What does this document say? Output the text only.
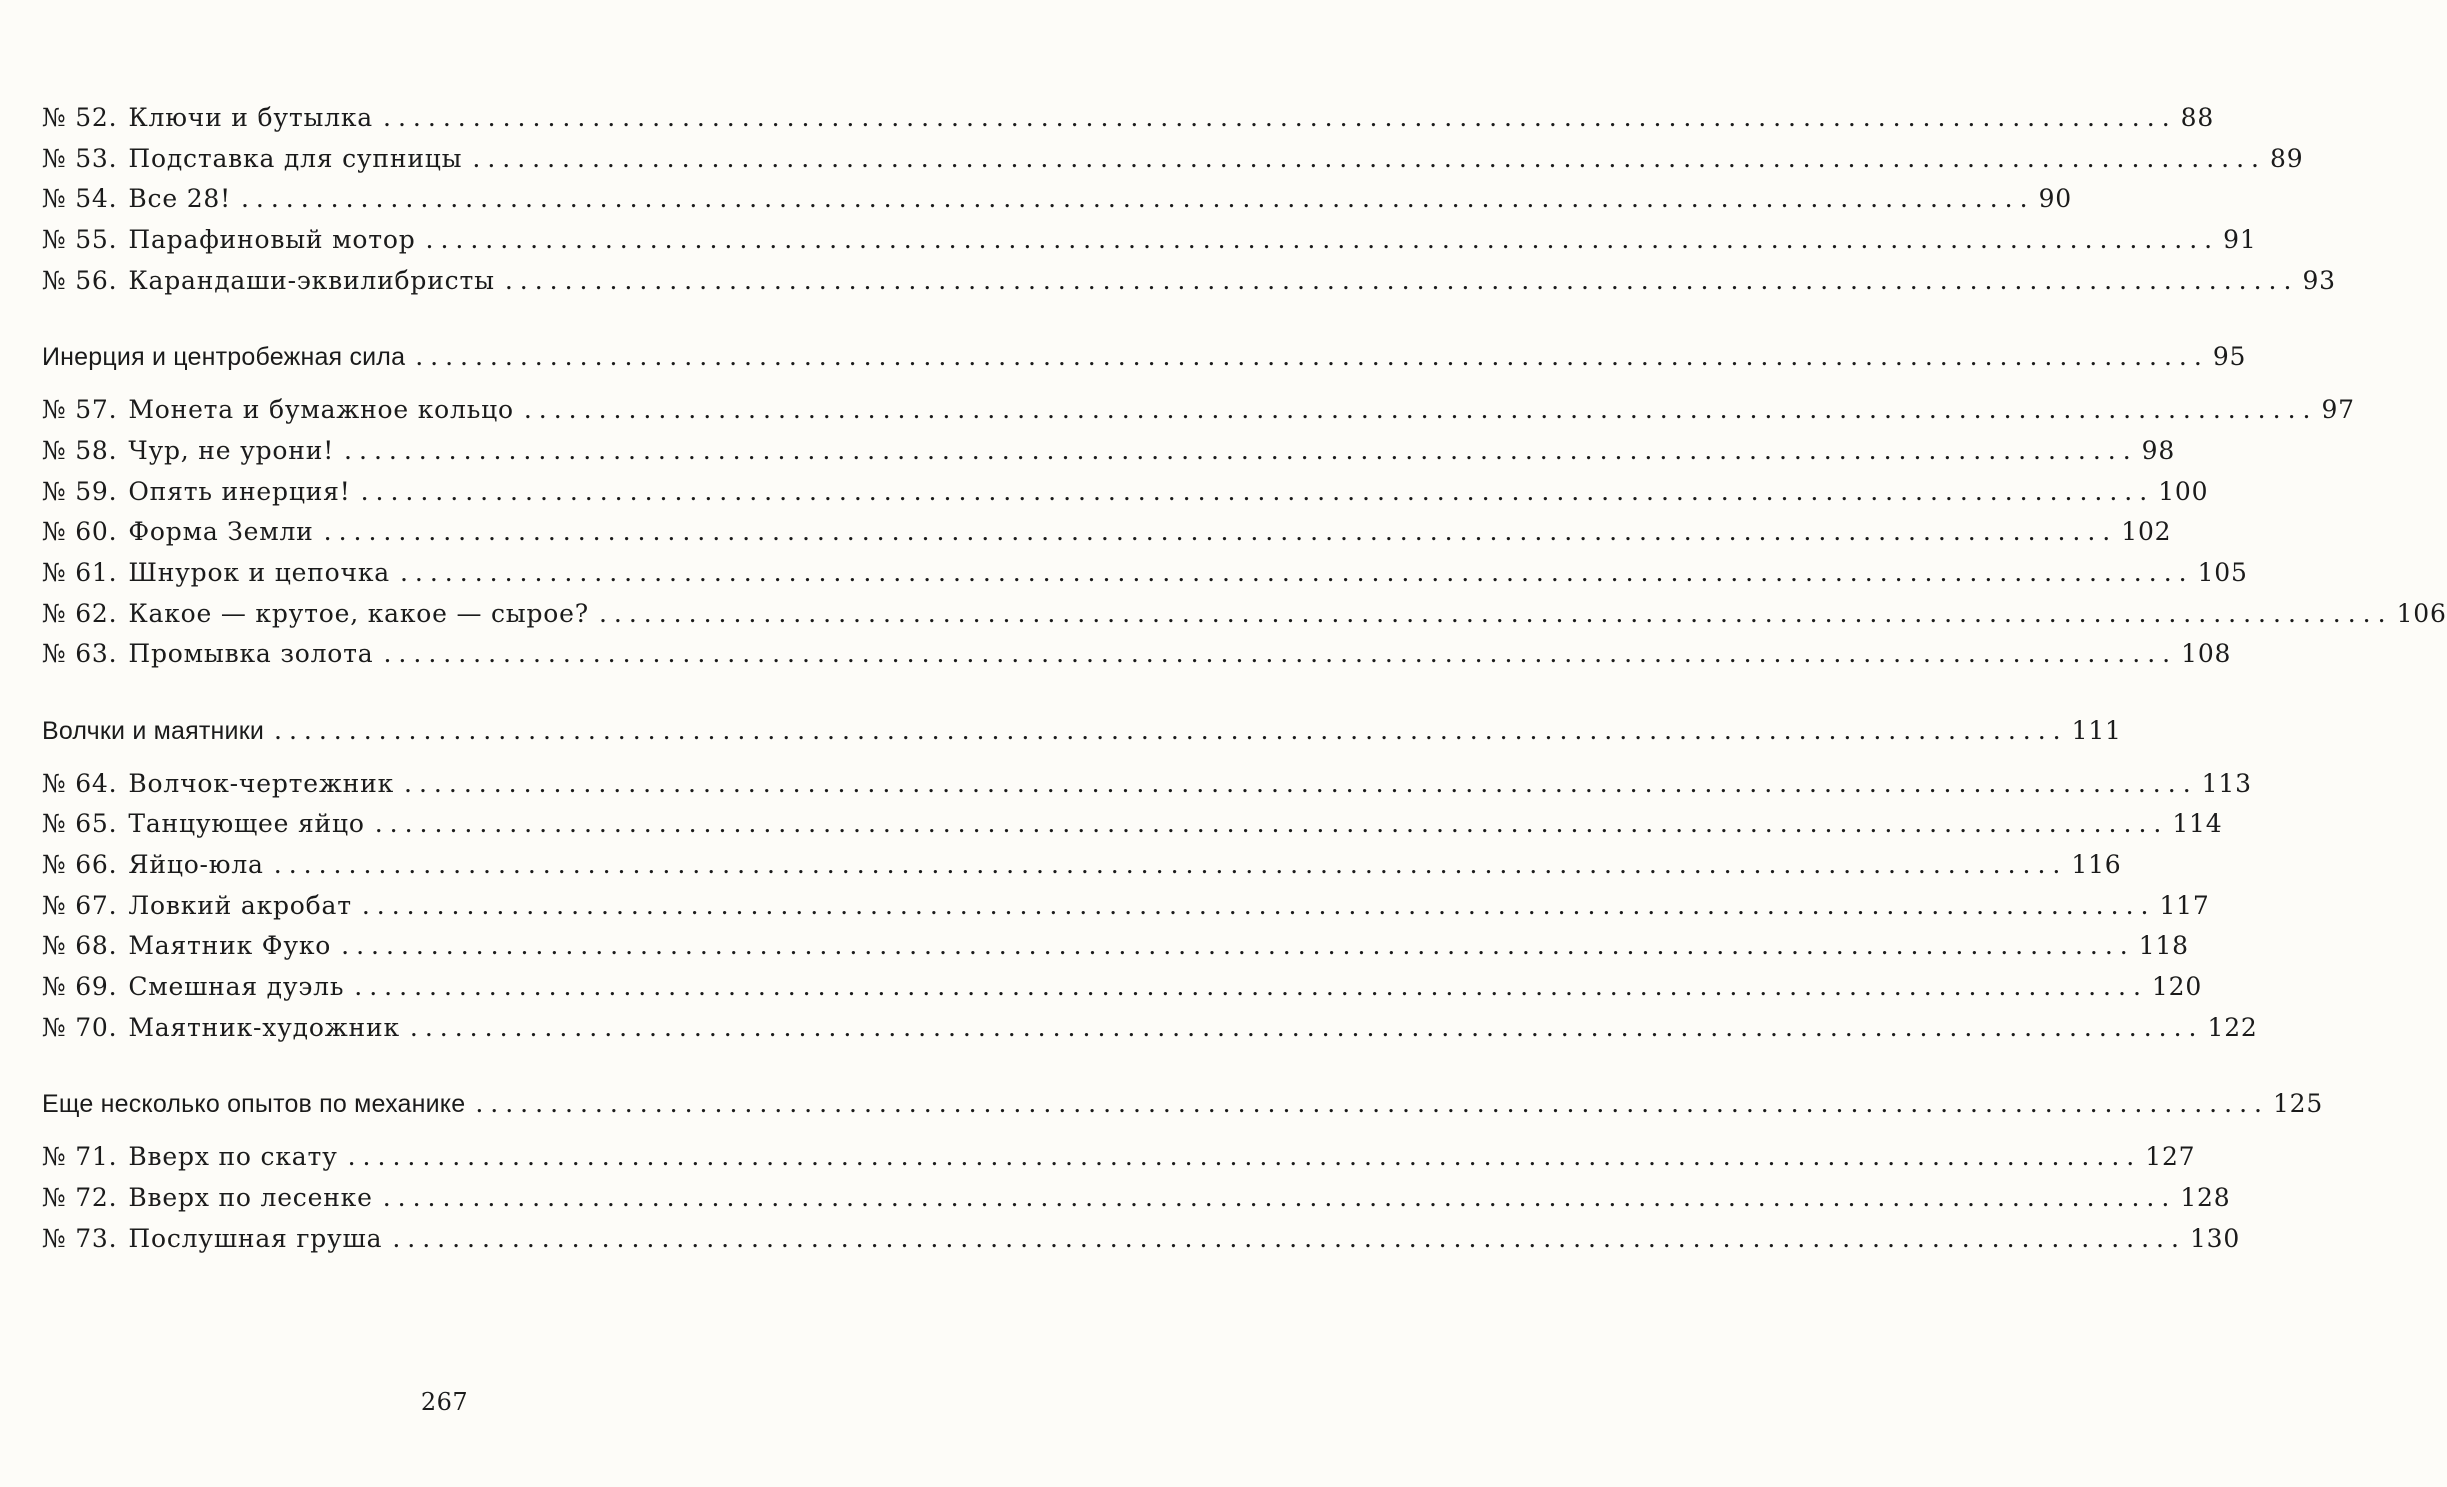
№ 52. Ключи и бутылка ........................................................................................................................ 88
№ 53. Подставка для супницы ........................................................................................................................ 89
№ 54. Все 28! ........................................................................................................................ 90
№ 55. Парафиновый мотор ........................................................................................................................ 91
№ 56. Карандаши-эквилибристы ........................................................................................................................ 93
Инерция и центробежная сила ........................................................................................................................ 95
№ 57. Монета и бумажное кольцо ........................................................................................................................ 97
№ 58. Чур, не урони! ........................................................................................................................ 98
№ 59. Опять инерция! ........................................................................................................................ 100
№ 60. Форма Земли ........................................................................................................................ 102
№ 61. Шнурок и цепочка ........................................................................................................................ 105
№ 62. Какое — крутое, какое — сырое? ........................................................................................................................ 106
№ 63. Промывка золота ........................................................................................................................ 108
Волчки и маятники ........................................................................................................................ 111
№ 64. Волчок-чертежник ........................................................................................................................ 113
№ 65. Танцующее яйцо ........................................................................................................................ 114
№ 66. Яйцо-юла ........................................................................................................................ 116
№ 67. Ловкий акробат ........................................................................................................................ 117
№ 68. Маятник Фуко ........................................................................................................................ 118
№ 69. Смешная дуэль ........................................................................................................................ 120
№ 70. Маятник-художник ........................................................................................................................ 122
Еще несколько опытов по механике ........................................................................................................................ 125
№ 71. Вверх по скату ........................................................................................................................ 127
№ 72. Вверх по лесенке ........................................................................................................................ 128
№ 73. Послушная груша ........................................................................................................................ 130
267
